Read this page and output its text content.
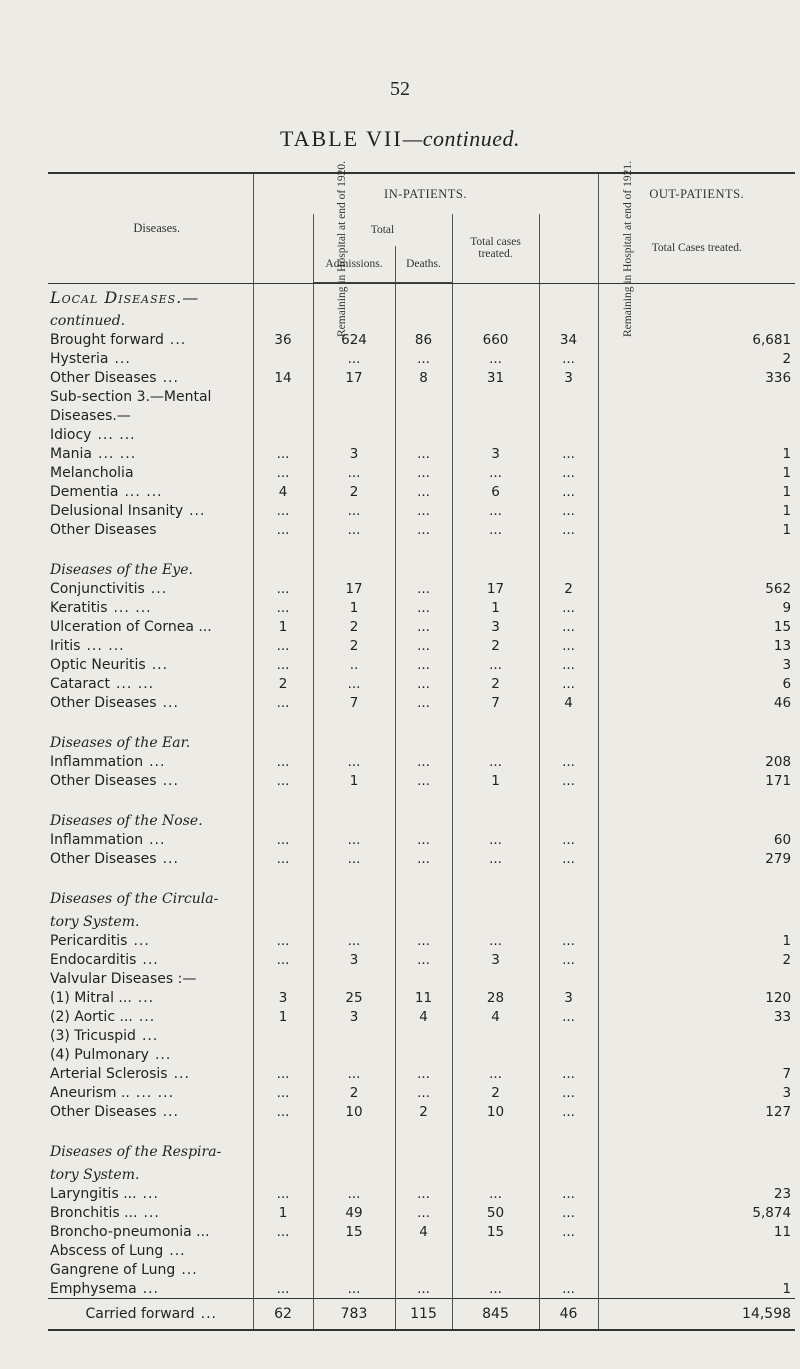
52
TABLE VII—continued.
Diseases.	IN-PATIENTS.					OUT-PATIENTS.
	Remaining in Hospital at end of 1920.	Total		Total cases treated.	Remaining in Hospital at end of 1921.	Total Cases treated.
		Admissions.	Deaths.			

Local Diseases.—						
continued.						
Brought forward ...	36	624	86	660	34	6,681
Hysteria ...		...	...	...	...	2
Other Diseases ...	14	17	8	31	3	336
Sub-section 3.—Mental						
Diseases.—						
Idiocy ... ...						
Mania ... ...	...	3	...	3	...	1
Melancholia	...	...	...	...	...	1
Dementia ... ...	4	2	...	6	...	1
Delusional Insanity ...	...	...	...	...	...	1
Other Diseases	...	...	...	...	...	1

Diseases of the Eye.						
Conjunctivitis ...	...	17	...	17	2	562
Keratitis ... ...	...	1	...	1	...	9
Ulceration of Cornea ...	1	2	...	3	...	15
Iritis ... ...	...	2	...	2	...	13
Optic Neuritis ...	...	..	...	...	...	3
Cataract ... ...	2	...	...	2	...	6
Other Diseases ...	...	7	...	7	4	46

Diseases of the Ear.						
Inflammation ...	...	...	...	...	...	208
Other Diseases ...	...	1	...	1	...	171

Diseases of the Nose.						
Inflammation ...	...	...	...	...	...	60
Other Diseases ...	...	...	...	...	...	279

Diseases of the Circula-						
tory System.						
Pericarditis ...	...	...	...	...	...	1
Endocarditis ...	...	3	...	3	...	2
Valvular Diseases :—						
(1) Mitral ... ...	3	25	11	28	3	120
(2) Aortic ... ...	1	3	4	4	...	33
(3) Tricuspid ...						
(4) Pulmonary ...						
Arterial Sclerosis ...	...	...	...	...	...	7
Aneurism .. ... ...	...	2	...	2	...	3
Other Diseases ...	...	10	2	10	...	127

Diseases of the Respira-						
tory System.						
Laryngitis ... ...	...	...	...	...	...	23
Bronchitis ... ...	1	49	...	50	...	5,874
Broncho-pneumonia ...	...	15	4	15	...	11
Abscess of Lung ...						
Gangrene of Lung ...						
Emphysema ...	...	...	...	...	...	1
Carried forward ...	62	783	115	845	46	14,598
